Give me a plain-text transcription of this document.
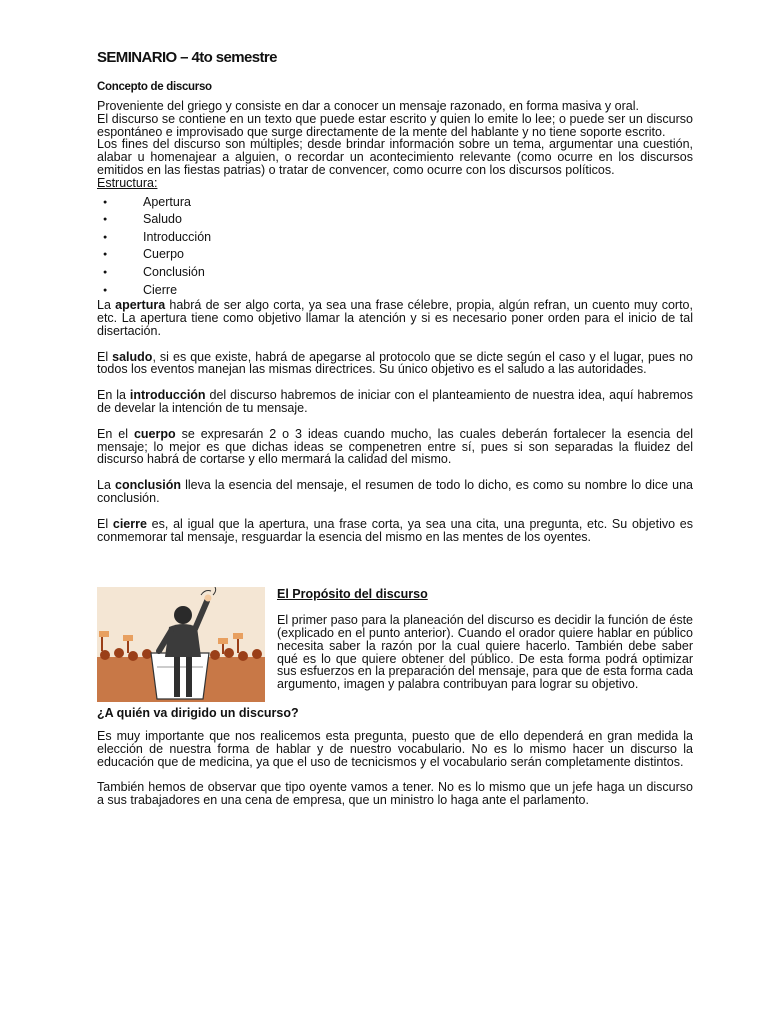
SEMINARIO – 4to semestre
Concepto de discurso

Proveniente del griego y consiste en dar a conocer un mensaje razonado, en forma masiva y oral.

El discurso se contiene en un texto que puede estar escrito y quien lo emite lo lee; o puede ser un discurso espontáneo e improvisado que surge directamente de la mente del hablante y no tiene soporte escrito.

Los fines del discurso son múltiples; desde brindar información sobre un tema, argumentar una cuestión, alabar u homenajear a alguien, o recordar un acontecimiento relevante (como ocurre en los discursos emitidos en las fiestas patrias) o tratar de convencer, como ocurre con los discursos políticos.

Estructura:

● Apertura
● Saludo
● Introducción
● Cuerpo
● Conclusión
● Cierre

La apertura habrá de ser algo corta, ya sea una frase célebre, propia, algún refran, un cuento muy corto, etc. La apertura tiene como objetivo llamar la atención y si es necesario poner orden para el inicio de tal disertación.

El saludo, si es que existe, habrá de apegarse al protocolo que se dicte según el caso y el lugar, pues no todos los eventos manejan las mismas directrices. Su único objetivo es el saludo a las autoridades.

En la introducción del discurso habremos de iniciar con el planteamiento de nuestra idea, aquí habremos de develar la intención de tu mensaje.

En el cuerpo se expresarán 2 o 3 ideas cuando mucho, las cuales deberán fortalecer la esencia del mensaje; lo mejor es que dichas ideas se compenetren entre sí, pues si son separadas la fluidez del discurso habrá de cortarse y ello mermará la calidad del mismo.

La conclusión lleva la esencia del mensaje, el resumen de todo lo dicho, es como su nombre lo dice una conclusión.

El cierre es, al igual que la apertura, una frase corta, ya sea una cita, una pregunta, etc. Su objetivo es conmemorar tal mensaje, resguardar la esencia del mismo en las mentes de los oyentes.

El Propósito del discurso

El primer paso para la planeación del discurso es decidir la función de éste (explicado en el punto anterior). Cuando el orador quiere hablar en público necesita saber la razón por la cual quiere hacerlo. También debe saber qué es lo que quiere obtener del público. De esta forma podrá optimizar sus esfuerzos en la preparación del mensaje, para que de esta forma cada argumento, imagen y palabra contribuyan para lograr su objetivo.

¿A quién va dirigido un discurso?

Es muy importante que nos realicemos esta pregunta, puesto que de ello dependerá en gran medida la elección de nuestra forma de hablar y de nuestro vocabulario. No es lo mismo hacer un discurso la educación que de medicina, ya que el uso de tecnicismos y el vocabulario serán completamente distintos.

También hemos de observar que tipo oyente vamos a tener. No es lo mismo que un jefe haga un discurso a sus trabajadores en una cena de empresa, que un ministro lo haga ante el parlamento.
